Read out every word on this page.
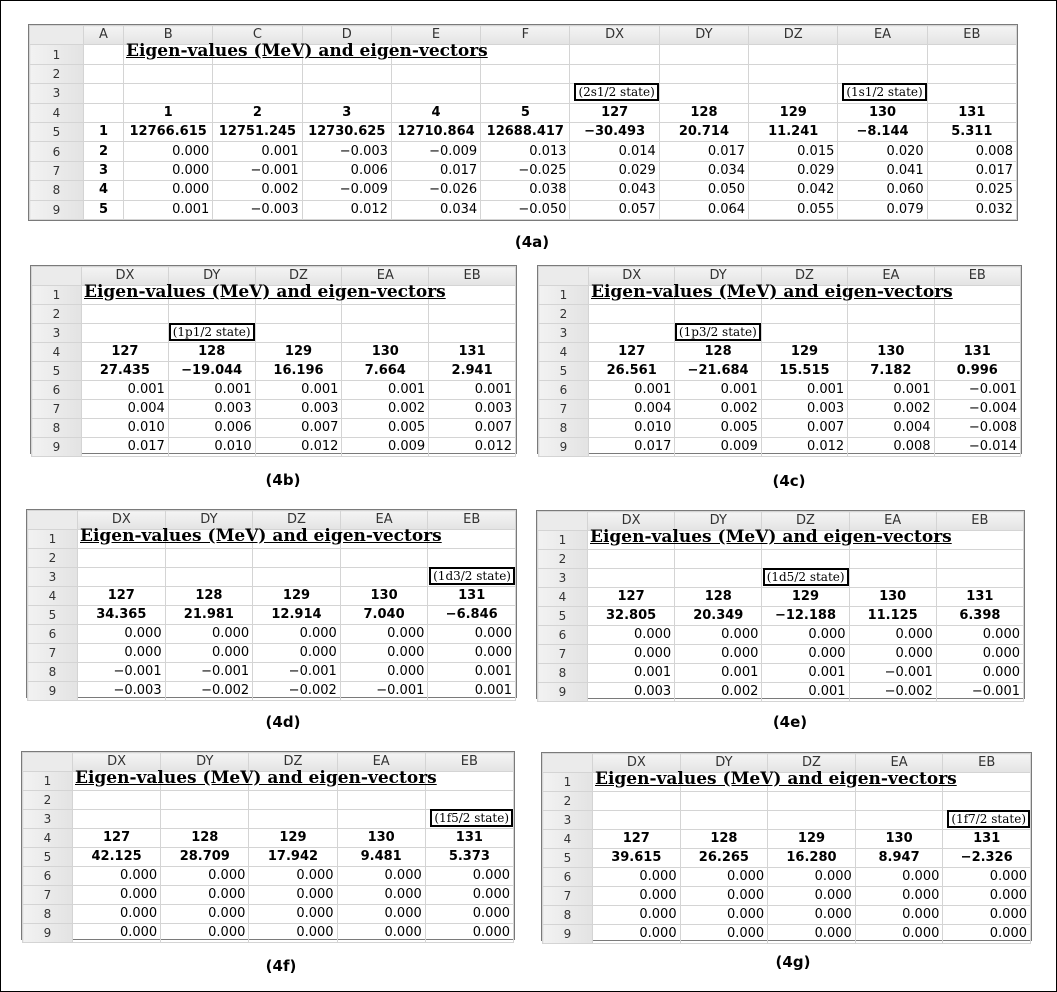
	A	B	C	D	E	F	DX	DY	DZ	EA	EB
1		Eigen-values (MeV) and eigen-vectors									

2											
3							(2s1/2 state)			(1s1/2 state)	

4		1	2	3	4	5	127	128	129	130	131
5	1	12766.615	12751.245	12730.625	12710.864	12688.417	−30.493	20.714	11.241	−8.144	5.311
6	2	0.000	0.001	−0.003	−0.009	0.013	0.014	0.017	0.015	0.020	0.008
7	3	0.000	−0.001	0.006	0.017	−0.025	0.029	0.034	0.029	0.041	0.017
8	4	0.000	0.002	−0.009	−0.026	0.038	0.043	0.050	0.042	0.060	0.025
9	5	0.001	−0.003	0.012	0.034	−0.050	0.057	0.064	0.055	0.079	0.032
(4a)
	DX	DY	DZ	EA	EB
1	Eigen-values (MeV) and eigen-vectors				

2					
3		(1p1/2 state)			

4	127	128	129	130	131
5	27.435	−19.044	16.196	7.664	2.941
6	0.001	0.001	0.001	0.001	0.001
7	0.004	0.003	0.003	0.002	0.003
8	0.010	0.006	0.007	0.005	0.007
9	0.017	0.010	0.012	0.009	0.012
(4b)
	DX	DY	DZ	EA	EB
1	Eigen-values (MeV) and eigen-vectors				

2					
3		(1p3/2 state)			

4	127	128	129	130	131
5	26.561	−21.684	15.515	7.182	0.996
6	0.001	0.001	0.001	0.001	−0.001
7	0.004	0.002	0.003	0.002	−0.004
8	0.010	0.005	0.007	0.004	−0.008
9	0.017	0.009	0.012	0.008	−0.014
(4c)
	DX	DY	DZ	EA	EB
1	Eigen-values (MeV) and eigen-vectors				

2					
3					(1d3/2 state)

4	127	128	129	130	131
5	34.365	21.981	12.914	7.040	−6.846
6	0.000	0.000	0.000	0.000	0.000
7	0.000	0.000	0.000	0.000	0.000
8	−0.001	−0.001	−0.001	0.000	0.001
9	−0.003	−0.002	−0.002	−0.001	0.001
(4d)
	DX	DY	DZ	EA	EB
1	Eigen-values (MeV) and eigen-vectors				

2					
3			(1d5/2 state)		

4	127	128	129	130	131
5	32.805	20.349	−12.188	11.125	6.398
6	0.000	0.000	0.000	0.000	0.000
7	0.000	0.000	0.000	0.000	0.000
8	0.001	0.001	0.001	−0.001	0.000
9	0.003	0.002	0.001	−0.002	−0.001
(4e)
	DX	DY	DZ	EA	EB
1	Eigen-values (MeV) and eigen-vectors				

2					
3					(1f5/2 state)

4	127	128	129	130	131
5	42.125	28.709	17.942	9.481	5.373
6	0.000	0.000	0.000	0.000	0.000
7	0.000	0.000	0.000	0.000	0.000
8	0.000	0.000	0.000	0.000	0.000
9	0.000	0.000	0.000	0.000	0.000
(4f)
	DX	DY	DZ	EA	EB
1	Eigen-values (MeV) and eigen-vectors				

2					
3					(1f7/2 state)

4	127	128	129	130	131
5	39.615	26.265	16.280	8.947	−2.326
6	0.000	0.000	0.000	0.000	0.000
7	0.000	0.000	0.000	0.000	0.000
8	0.000	0.000	0.000	0.000	0.000
9	0.000	0.000	0.000	0.000	0.000
(4g)
